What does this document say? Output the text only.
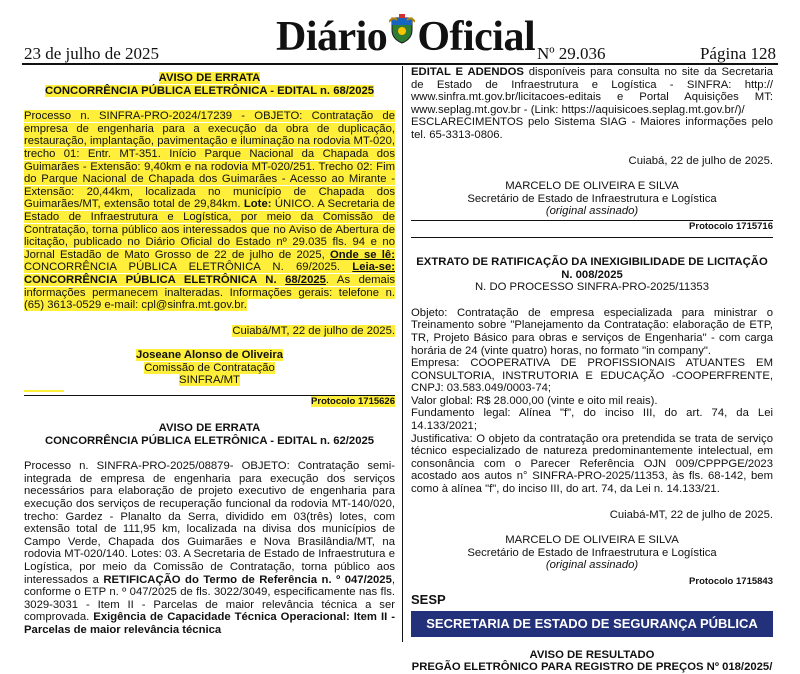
23 de julho de 2025	Diário Oficial Nº 29.036	Página 128
AVISO DE ERRATA
CONCORRÊNCIA PÚBLICA ELETRÔNICA - EDITAL n. 68/2025

Processo n. SINFRA-PRO-2024/17239 - OBJETO: Contratação de empresa de engenharia para a execução da obra de duplicação, restauração, implantação, pavimentação e iluminação na rodovia MT-020, trecho 01: Entr. MT-351. Início Parque Nacional da Chapada dos Guimarães - Extensão: 9,40km e na rodovia MT-020/251. Trecho 02: Fim do Parque Nacional de Chapada dos Guimarães - Acesso ao Mirante - Extensão: 20,44km, localizada no município de Chapada dos Guimarães/MT, extensão total de 29,84km. Lote: ÚNICO. A Secretaria de Estado de Infraestrutura e Logística, por meio da Comissão de Contratação, torna público aos interessados que no Aviso de Abertura de licitação, publicado no Diário Oficial do Estado nº 29.035 fls. 94 e no Jornal Estadão de Mato Grosso de 22 de julho de 2025, Onde se lê: CONCORRÊNCIA PÚBLICA ELETRÔNICA N. 69/2025. Leia-se: CONCORRÊNCIA PÚBLICA ELETRÔNICA N. 68/2025. As demais informações permanecem inalteradas. Informações gerais: telefone n. (65) 3613-0529 e-mail: cpl@sinfra.mt.gov.br.

Cuiabá/MT, 22 de julho de 2025.

Joseane Alonso de Oliveira

Comissão de Contratação

SINFRA/MT

Protocolo 1715626
AVISO DE ERRATA
CONCORRÊNCIA PÚBLICA ELETRÔNICA - EDITAL n. 62/2025

Processo n. SINFRA-PRO-2025/08879- OBJETO: Contratação semi-integrada de empresa de engenharia para execução dos serviços necessários para elaboração de projeto executivo de engenharia para execução dos serviços de recuperação funcional da rodovia MT-140/020, trecho: Gardez - Planalto da Serra, dividido em 03(três) lotes, com extensão total de 111,95 km, localizada na divisa dos municípios de Campo Verde, Chapada dos Guimarães e Nova Brasilândia/MT, na rodovia MT-020/140. Lotes: 03. A Secretaria de Estado de Infraestrutura e Logística, por meio da Comissão de Contratação, torna público aos interessados a RETIFICAÇÃO do Termo de Referência n. º 047/2025, conforme o ETP n. º 047/2025 de fls. 3022/3049, especificamente nas fls. 3029-3031 - Item II - Parcelas de maior relevância técnica a ser comprovada. Exigência de Capacidade Técnica Operacional: Item II - Parcelas de maior relevância técnica

EDITAL E ADENDOS disponíveis para consulta no site da Secretaria de Estado de Infraestrutura e Logística - SINFRA: http:// www.sinfra.mt.gov.br/licitacoes-editais e Portal Aquisições MT: www.seplag.mt.gov.br - (Link: https://aquisicoes.seplag.mt.gov.br/)/

ESCLARECIMENTOS pelo Sistema SIAG - Maiores informações pelo tel. 65-3313-0806.

Cuiabá, 22 de julho de 2025.

MARCELO DE OLIVEIRA E SILVA

Secretário de Estado de Infraestrutura e Logística

(original assinado)

Protocolo 1715716
EXTRATO DE RATIFICAÇÃO DA INEXIGIBILIDADE DE LICITAÇÃO N. 008/2025
N. DO PROCESSO SINFRA-PRO-2025/11353

Objeto: Contratação de empresa especializada para ministrar o Treinamento sobre "Planejamento da Contratação: elaboração de ETP, TR, Projeto Básico para obras e serviços de Engenharia" - com carga horária de 24 (vinte quatro) horas, no formato "in company".

Empresa: COOPERATIVA DE PROFISSIONAIS ATUANTES EM CONSULTORIA, INSTRUTORIA E EDUCAÇÃO -COOPERFRENTE, CNPJ: 03.583.049/0003-74;

Valor global: R$ 28.000,00 (vinte e oito mil reais).

Fundamento legal: Alínea "f", do inciso III, do art. 74, da Lei 14.133/2021;

Justificativa: O objeto da contratação ora pretendida se trata de serviço técnico especializado de natureza predominantemente intelectual, em consonância com o Parecer Referência OJN 009/CPPPGE/2023 acostado aos autos n° SINFRA-PRO-2025/11353, às fls. 68-142, bem como à alínea "f", do inciso III, do art. 74, da Lei n. 14.133/21.

Cuiabá-MT, 22 de julho de 2025.

MARCELO DE OLIVEIRA E SILVA

Secretário de Estado de Infraestrutura e Logística

(original assinado)

Protocolo 1715843
SESP
SECRETARIA DE ESTADO DE SEGURANÇA PÚBLICA
AVISO DE RESULTADO
PREGÃO ELETRÔNICO PARA REGISTRO DE PREÇOS Nº 018/2025/
